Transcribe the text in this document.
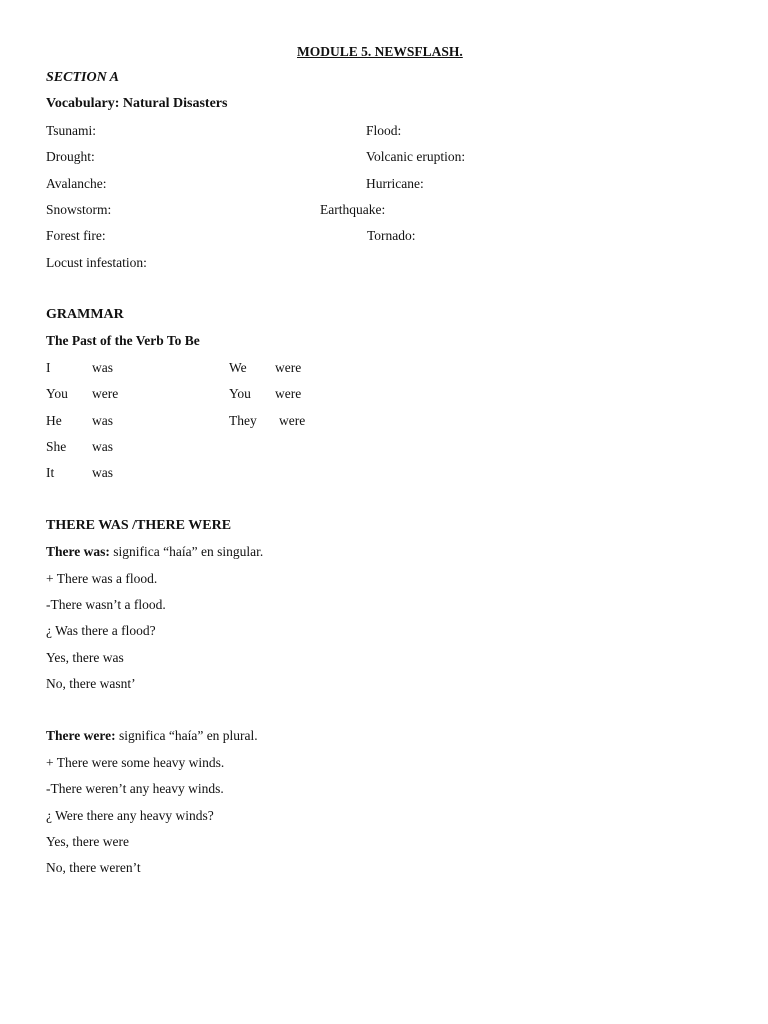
MODULE 5. NEWSFLASH.
SECTION A
Vocabulary: Natural Disasters
Tsunami:
Drought:
Avalanche:
Snowstorm:
Forest fire:
Locust infestation:
Flood:
Volcanic eruption:
Hurricane:
Earthquake:
Tornado:
GRAMMAR
The Past of the Verb To Be
I	was
You were
He was
She was
It	was
We were
You were
They were
THERE WAS /THERE WERE
There was: significa “haía” en singular.
+ There was a flood.
-There wasn’t a flood.
¿ Was there a flood?
Yes, there was
No, there wasnt’
There were: significa “haía” en plural.
+ There were some heavy winds.
-There weren’t any heavy winds.
¿ Were there any heavy winds?
Yes, there were
No, there weren’t
